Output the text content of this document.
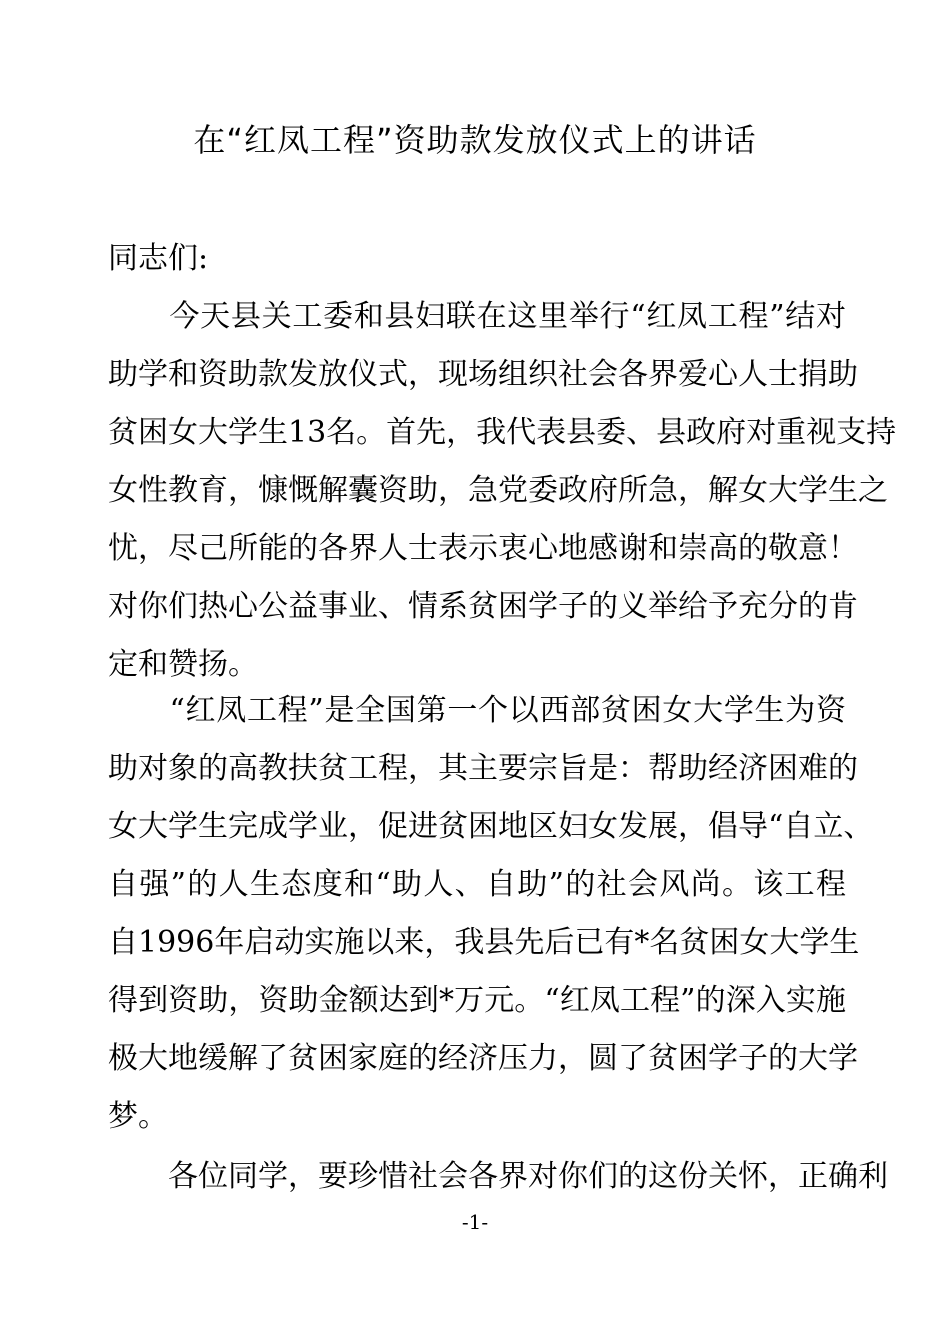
在“红凤工程”资助款发放仪式上的讲话
同志们:
　　今天县关工委和县妇联在这里举行“红凤工程”结对
助学和资助款发放仪式，现场组织社会各界爱心人士捐助
贫困女大学生13名。首先，我代表县委、县政府对重视支持
女性教育，慷慨解囊资助，急党委政府所急，解女大学生之
忧，尽己所能的各界人士表示衷心地感谢和崇高的敬意！
对你们热心公益事业、情系贫困学子的义举给予充分的肯
定和赞扬。
　　“红凤工程”是全国第一个以西部贫困女大学生为资
助对象的高教扶贫工程，其主要宗旨是：帮助经济困难的
女大学生完成学业，促进贫困地区妇女发展，倡导“自立、
自强”的人生态度和“助人、自助”的社会风尚。该工程
自1996年启动实施以来，我县先后已有*名贫困女大学生
得到资助，资助金额达到*万元。“红凤工程”的深入实施
极大地缓解了贫困家庭的经济压力，圆了贫困学子的大学
梦。
　　各位同学，要珍惜社会各界对你们的这份关怀，正确利
-1-
